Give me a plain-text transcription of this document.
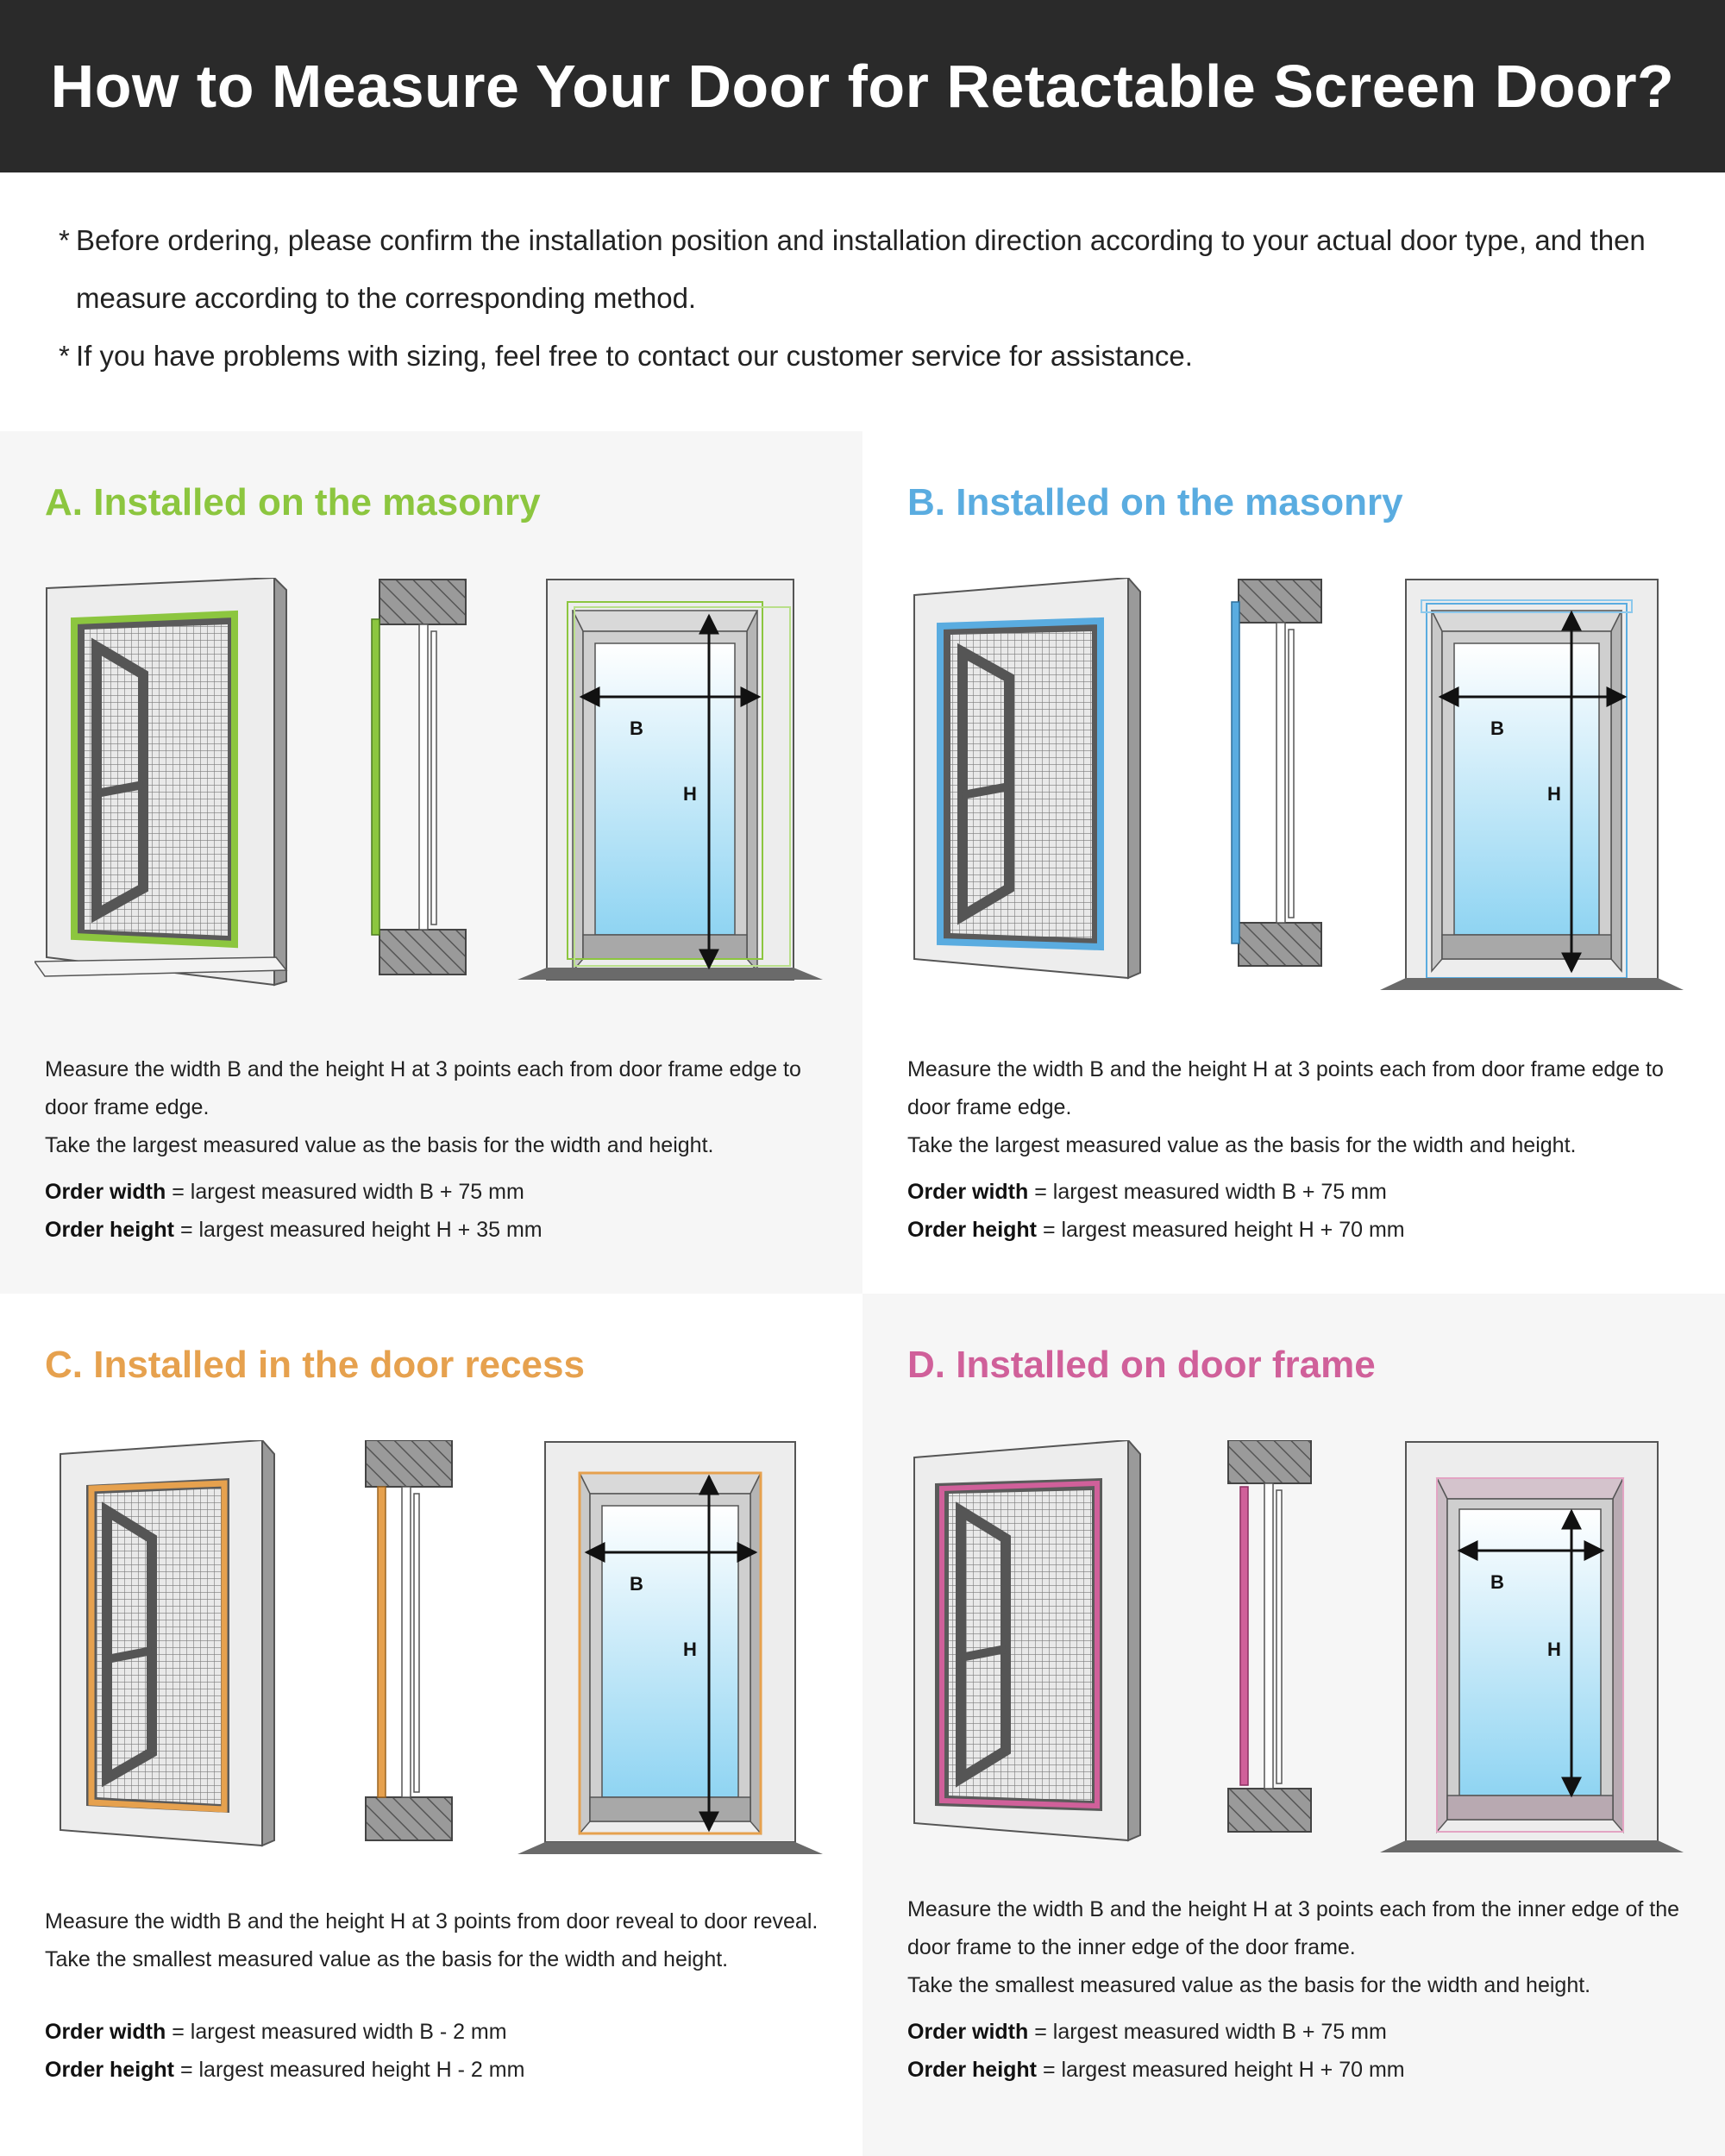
How to Measure Your Door for Retactable Screen Door?
* Before ordering, please confirm the installation position and installation direction according to your actual door type, and then measure according to the corresponding method.
* If you have problems with sizing, feel free to contact our customer service for assistance.
A. Installed on the masonry
B
H

Measure the width B and the height H at 3 points each from door frame edge to door frame edge.

Take the largest measured value as the basis for the width and height.

Order width = largest measured width B + 75 mm

Order height = largest measured height H + 35 mm

B. Installed on the masonry
B
H

Measure the width B and the height H at 3 points each from door frame edge to door frame edge.

Take the largest measured value as the basis for the width and height.

Order width = largest measured width B + 75 mm

Order height = largest measured height H + 70 mm

C. Installed in the door recess
B
H

Measure the width B and the height H at 3 points from door reveal to door reveal.

Take the smallest measured value as the basis for the width and height.

Order width = largest measured width B - 2 mm

Order height = largest measured height H - 2 mm

D. Installed on door frame
B
H

Measure the width B and the height H at 3 points each from the inner edge of the door frame to the inner edge of the door frame.

Take the smallest measured value as the basis for the width and height.

Order width = largest measured width B + 75 mm

Order height = largest measured height H + 70 mm
